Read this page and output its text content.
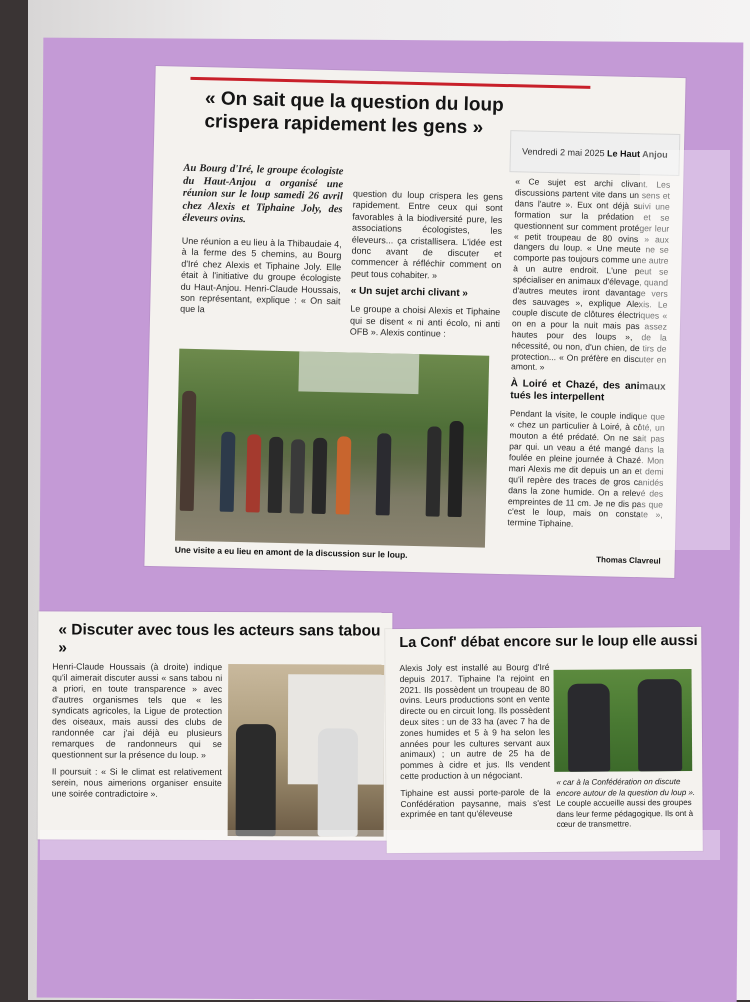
« On sait que la question du loup crispera rapidement les gens »
Vendredi 2 mai 2025 Le Haut Anjou

Au Bourg d'Iré, le groupe écologiste du Haut-Anjou a organisé une réunion sur le loup samedi 26 avril chez Alexis et Tiphaine Joly, des éleveurs ovins.

Une réunion a eu lieu à la Thibaudaie 4, à la ferme des 5 chemins, au Bourg d'Iré chez Alexis et Tiphaine Joly. Elle était à l'initiative du groupe écologiste du Haut-Anjou. Henri-Claude Houssais, son représentant, explique : « On sait que la

question du loup crispera les gens rapidement. Entre ceux qui sont favorables à la biodiversité pure, les associations écologistes, les éleveurs... ça cristallisera. L'idée est donc avant de discuter et commencer à réfléchir comment on peut tous cohabiter. »

« Un sujet archi clivant »

Le groupe a choisi Alexis et Tiphaine qui se disent « ni anti écolo, ni anti OFB ». Alexis continue :

« Ce sujet est archi clivant. Les discussions partent vite dans un sens et dans l'autre ». Eux ont déjà suivi une formation sur la prédation et se questionnent sur comment protéger leur « petit troupeau de 80 ovins » aux dangers du loup. « Une meute ne se comporte pas toujours comme une autre à un autre endroit. L'une peut se spécialiser en animaux d'élevage, quand d'autres meutes iront davantage vers des sauvages », explique Alexis. Le couple discute de clôtures électriques « on en a pour la nuit mais pas assez hautes pour des loups », de la nécessité, ou non, d'un chien, de tirs de protection... « On préfère en discuter en amont. »

À Loiré et Chazé, des animaux tués les interpellent

Pendant la visite, le couple indique que « chez un particulier à Loiré, à côté, un mouton a été prédaté. On ne sait pas par qui. un veau a été mangé dans la foulée en pleine journée à Chazé. Mon mari Alexis me dit depuis un an et demi qu'il repère des traces de gros canidés dans la zone humide. On a relevé des empreintes de 11 cm. Je ne dis pas que c'est le loup, mais on constate », termine Tiphaine.

Une visite a eu lieu en amont de la discussion sur le loup.
Thomas Clavreul
« Discuter avec tous les acteurs sans tabou »

Henri-Claude Houssais (à droite) indique qu'il aimerait discuter aussi « sans tabou ni a priori, en toute transparence » avec d'autres organismes tels que « les syndicats agricoles, la Ligue de protection des oiseaux, mais aussi des clubs de randonnée car j'ai déjà eu plusieurs remarques de randonneurs qui se questionnent sur la présence du loup. »

Il poursuit : « Si le climat est relativement serein, nous aimerions organiser ensuite une soirée contradictoire ».

La Conf' débat encore sur le loup elle aussi

Alexis Joly est installé au Bourg d'Iré depuis 2017. Tiphaine l'a rejoint en 2021. Ils possèdent un troupeau de 80 ovins. Leurs productions sont en vente directe ou en circuit long. Ils possèdent deux sites : un de 33 ha (avec 7 ha de zones humides et 5 à 9 ha selon les années pour les cultures servant aux animaux) ; un autre de 25 ha de pommes à cidre et jus. Ils vendent cette production à un négociant.

Tiphaine est aussi porte-parole de la Confédération paysanne, mais s'est exprimée en tant qu'éleveuse

« car à la Confédération on discute encore autour de la question du loup ».
Le couple accueille aussi des groupes dans leur ferme pédagogique. Ils ont à cœur de transmettre.
